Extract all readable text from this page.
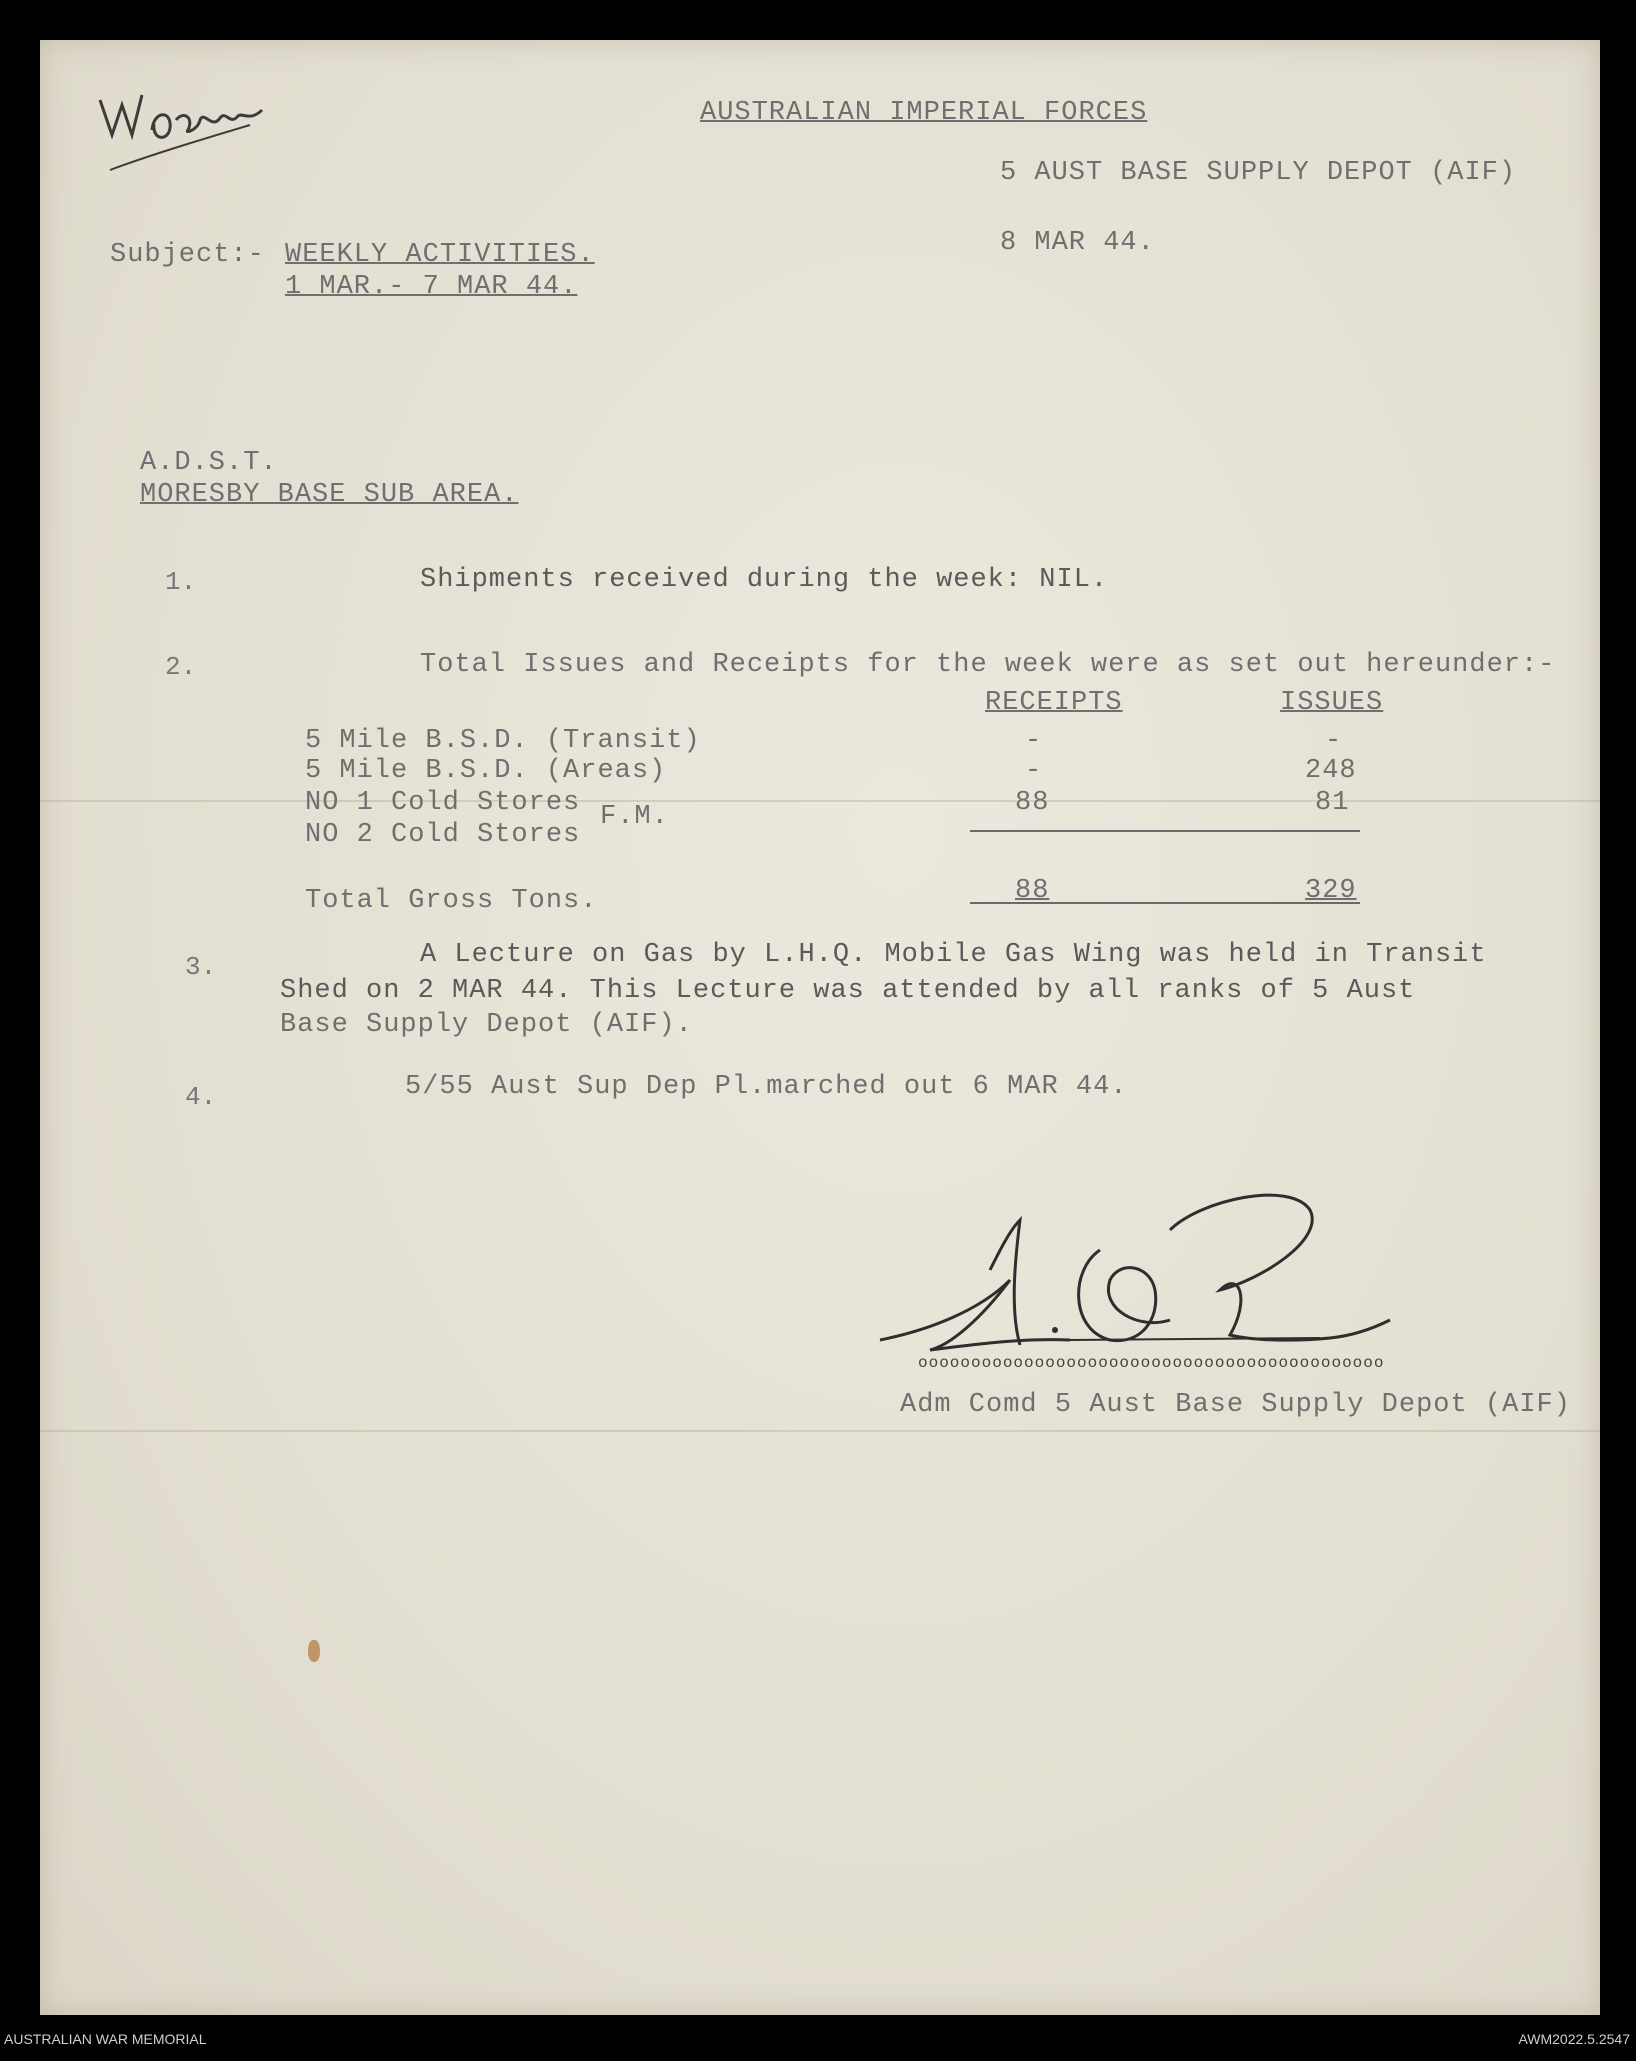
AUSTRALIAN IMPERIAL FORCES
5 AUST BASE SUPPLY DEPOT (AIF)
8 MAR 44.
Subject:- WEEKLY ACTIVITIES.
1 MAR.- 7 MAR 44.
A.D.S.T.
MORESBY BASE SUB AREA.
1.	Shipments received during the week: NIL.
2.	Total Issues and Receipts for the week were as set out hereunder:-
RECEIPTS	ISSUES
5 Mile B.S.D. (Transit)	-	-
5 Mile B.S.D. (Areas)	-	248
NO 1 Cold Stores	88	81
NO 2 Cold Stores
F.M.
Total Gross Tons.	88	329
3.	A Lecture on Gas by L.H.Q. Mobile Gas Wing was held in Transit
Shed on 2 MAR 44. This Lecture was attended by all ranks of 5 Aust
Base Supply Depot (AIF).
4.	5/55 Aust Sup Dep Pl.marched out 6 MAR 44.
oooooooooooooooooooooooooooooooooooooooooooo
Adm Comd 5 Aust Base Supply Depot (AIF)
AUSTRALIAN WAR MEMORIAL	AWM2022.5.2547
